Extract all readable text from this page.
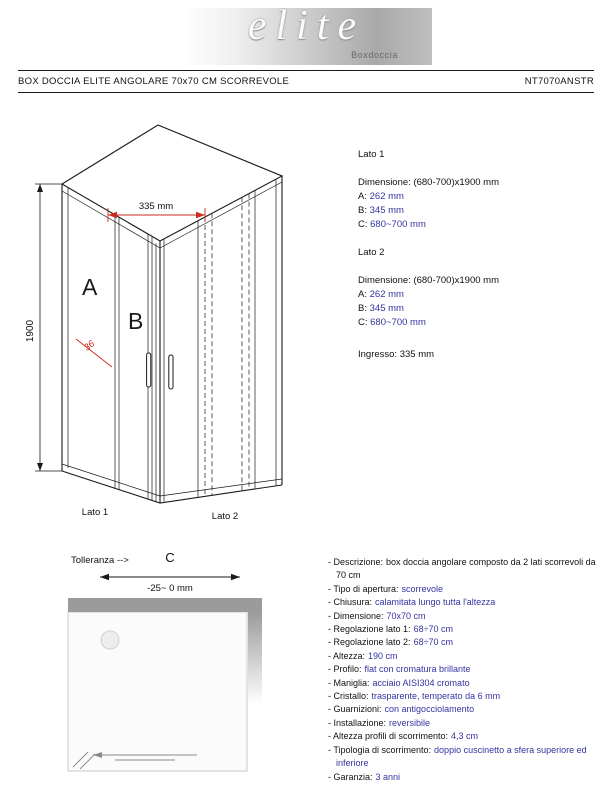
elite
Boxdoccia
BOX DOCCIA ELITE ANGOLARE 70x70 CM SCORREVOLE	NT7070ANSTR
1900
335 mm
36
A
B
Lato 1	Lato 2
Lato 1
Dimensione: (680-700)x1900 mm
A: 262 mm
B: 345 mm
C: 680~700 mm
Lato 2
Dimensione: (680-700)x1900 mm
A: 262 mm
B: 345 mm
C: 680~700 mm
Ingresso: 335 mm
Tolleranza -->	C
-25~ 0 mm
- Descrizione: box doccia angolare composto da 2 lati scorrevoli da 70 cm
- Tipo di apertura: scorrevole
- Chiusura: calamitata lungo tutta l'altezza
- Dimensione: 70x70 cm
- Regolazione lato 1: 68÷70 cm
- Regolazione lato 2: 68÷70 cm
- Altezza: 190 cm
- Profilo: flat con cromatura brillante
- Maniglia: acciaio AISI304 cromato
- Cristallo: trasparente, temperato da 6 mm
- Guarnizioni: con antigocciolamento
- Installazione: reversibile
- Altezza profili di scorrimento: 4,3 cm
- Tipologia di scorrimento: doppio cuscinetto a sfera superiore ed inferiore
- Garanzia: 3 anni
